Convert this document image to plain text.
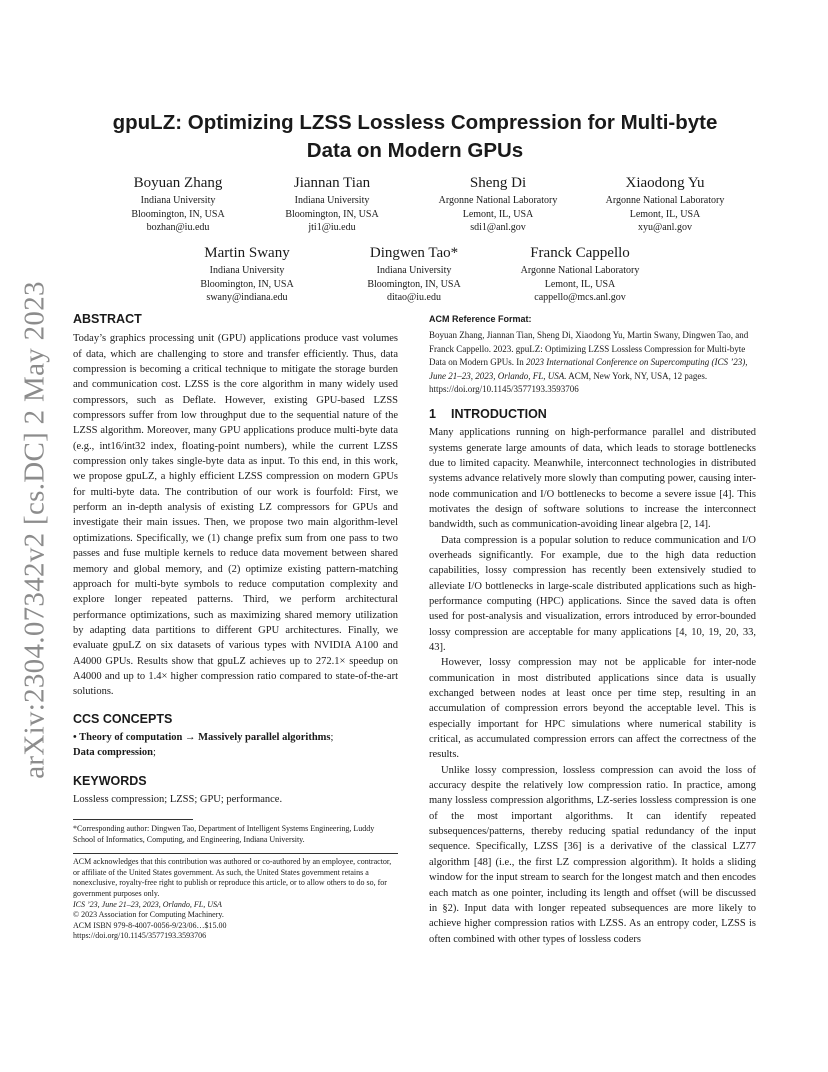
arXiv:2304.07342v2 [cs.DC] 2 May 2023
gpuLZ: Optimizing LZSS Lossless Compression for Multi-byte
Data on Modern GPUs
Boyuan Zhang
Indiana University
Bloomington, IN, USA
bozhan@iu.edu
Jiannan Tian
Indiana University
Bloomington, IN, USA
jti1@iu.edu
Sheng Di
Argonne National Laboratory
Lemont, IL, USA
sdi1@anl.gov
Xiaodong Yu
Argonne National Laboratory
Lemont, IL, USA
xyu@anl.gov
Martin Swany
Indiana University
Bloomington, IN, USA
swany@indiana.edu
Dingwen Tao*
Indiana University
Bloomington, IN, USA
ditao@iu.edu
Franck Cappello
Argonne National Laboratory
Lemont, IL, USA
cappello@mcs.anl.gov
ABSTRACT

Today’s graphics processing unit (GPU) applications produce vast volumes of data, which are challenging to store and transfer efficiently. Thus, data compression is becoming a critical technique to mitigate the storage burden and communication cost. LZSS is the core algorithm in many widely used compressors, such as Deflate. However, existing GPU-based LZSS compressors suffer from low throughput due to the sequential nature of the LZSS algorithm. Moreover, many GPU applications produce multi-byte data (e.g., int16/int32 index, floating-point numbers), while the current LZSS compression only takes single-byte data as input. To this end, in this work, we propose gpuLZ, a highly efficient LZSS compression on modern GPUs for multi-byte data. The contribution of our work is fourfold: First, we perform an in-depth analysis of existing LZ compressors for GPUs and investigate their main issues. Then, we propose two main algorithm-level optimizations. Specifically, we (1) change prefix sum from one pass to two passes and fuse multiple kernels to reduce data movement between shared memory and global memory, and (2) optimize existing pattern-matching approach for multi-byte symbols to reduce computation complexity and explore longer repeated patterns. Third, we perform architectural performance optimizations, such as maximizing shared memory utilization by adapting data partitions to different GPU architectures. Finally, we evaluate gpuLZ on six datasets of various types with NVIDIA A100 and A4000 GPUs. Results show that gpuLZ achieves up to 272.1× speedup on A4000 and up to 1.4× higher compression ratio compared to state-of-the-art solutions.

CCS CONCEPTS

• Theory of computation → Massively parallel algorithms;

Data compression;

KEYWORDS

Lossless compression; LZSS; GPU; performance.

*Corresponding author: Dingwen Tao, Department of Intelligent Systems Engineering, Luddy School of Informatics, Computing, and Engineering, Indiana University.

ACM acknowledges that this contribution was authored or co-authored by an employee, contractor, or affiliate of the United States government. As such, the United States government retains a nonexclusive, royalty-free right to publish or reproduce this article, or to allow others to do so, for government purposes only.

ICS ’23, June 21–23, 2023, Orlando, FL, USA

© 2023 Association for Computing Machinery.

ACM ISBN 979-8-4007-0056-9/23/06…$15.00

https://doi.org/10.1145/3577193.3593706

ACM Reference Format:

Boyuan Zhang, Jiannan Tian, Sheng Di, Xiaodong Yu, Martin Swany, Dingwen Tao, and Franck Cappello. 2023. gpuLZ: Optimizing LZSS Lossless Compression for Multi-byte Data on Modern GPUs. In 2023 International Conference on Supercomputing (ICS ’23), June 21–23, 2023, Orlando, FL, USA. ACM, New York, NY, USA, 12 pages. https://doi.org/10.1145/3577193.3593706

1 INTRODUCTION

Many applications running on high-performance parallel and distributed systems generate large amounts of data, which leads to storage bottlenecks due to limited capacity. Meanwhile, interconnect technologies in distributed systems advance relatively more slowly than computing power, causing inter-node communication and I/O bottlenecks to become a severe issue [4]. This motivates the design of software solutions to increase the interconnect bandwidth, such as communication-avoiding linear algebra [2, 14].

Data compression is a popular solution to reduce communication and I/O overheads significantly. For example, due to the high data reduction capabilities, lossy compression has recently been extensively studied to alleviate I/O bottlenecks in large-scale distributed applications such as high-performance computing (HPC) applications. Since the saved data is often used for post-analysis and visualization, errors introduced by error-bounded lossy compression are acceptable for many applications [4, 10, 19, 20, 33, 43].

However, lossy compression may not be applicable for inter-node communication in most distributed applications since data is usually exchanged between nodes at least once per time step, resulting in an accumulation of compression errors beyond the acceptable level. This is especially important for HPC simulations where numerical stability is critical, as accumulated compression errors can affect the correctness of the results.

Unlike lossy compression, lossless compression can avoid the loss of accuracy despite the relatively low compression ratio. In practice, among many lossless compression algorithms, LZ-series lossless compression is one of the most important algorithms. It can identify repeated subsequences/patterns, thereby reducing spatial redundancy of the input sequence. Specifically, LZSS [36] is a derivative of the classical LZ77 algorithm [48] (i.e., the first LZ compression algorithm). It holds a sliding window for the input stream to search for the longest match and then encodes each match as one pointer, including its length and offset (will be discussed in §2). Input data with longer repeated subsequences are more likely to achieve higher compression ratios with LZSS. As an entropy coder, LZSS is often combined with other types of lossless coders
